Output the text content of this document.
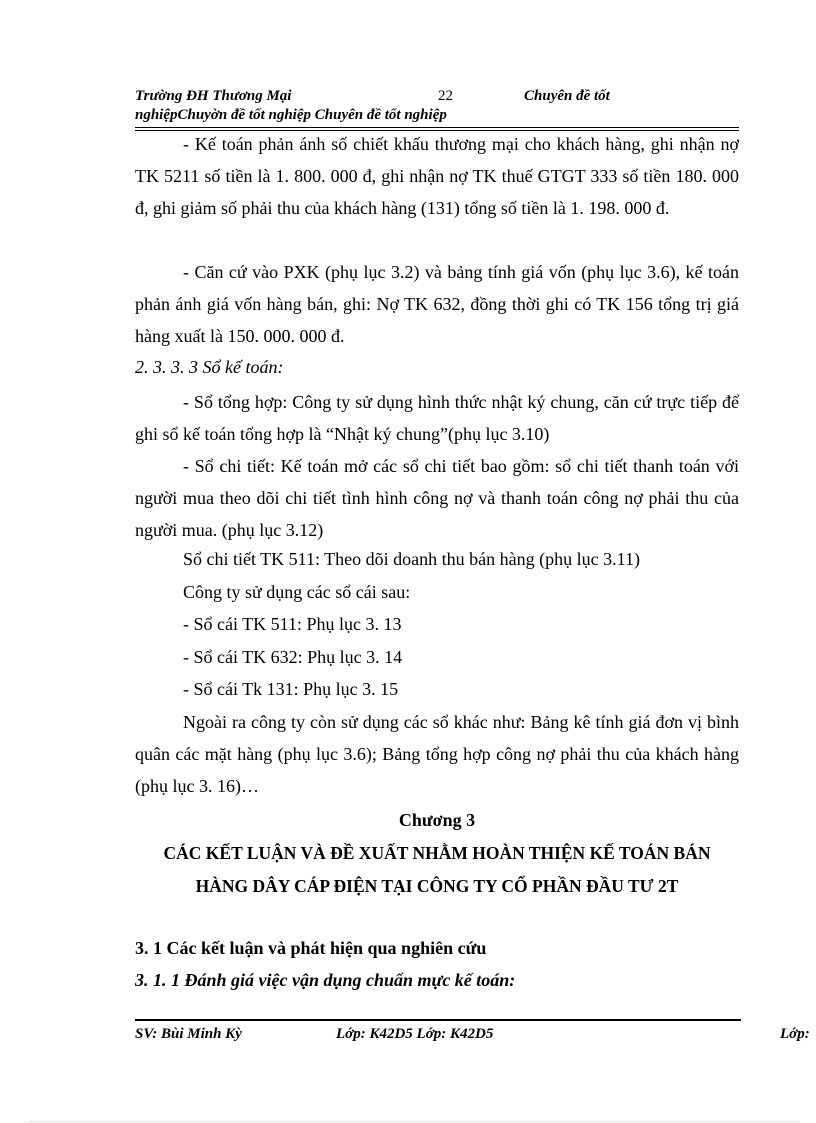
Trường ĐH Thương Mại	22	Chuyên đề tốt
nghiệpChuyờn đề tốt nghiệp Chuyên đề tốt nghiệp
- Kế toán phản ánh số chiết khấu thương mại cho khách hàng, ghi nhận nợ TK 5211 số tiền là 1. 800. 000 đ, ghi nhận nợ TK thuế GTGT 333 số tiền 180. 000 đ, ghi giảm số phải thu của khách hàng (131) tổng số tiền là 1. 198. 000 đ.
- Căn cứ vào PXK (phụ lục 3.2) và bảng tính giá vốn (phụ lục 3.6), kế toán phản ánh giá vốn hàng bán, ghi: Nợ TK 632, đồng thời ghi có TK 156 tổng trị giá hàng xuất là 150. 000. 000 đ.
2. 3. 3. 3 Sổ kế toán:
- Sổ tổng hợp: Công ty sử dụng hình thức nhật ký chung, căn cứ trực tiếp để ghi sổ kế toán tổng hợp là “Nhật ký chung”(phụ lục 3.10)
- Sổ chi tiết: Kế toán mở các sổ chi tiết bao gồm: sổ chi tiết thanh toán với người mua theo dõi chi tiết tình hình công nợ và thanh toán công nợ phải thu của người mua. (phụ lục 3.12)
Sổ chi tiết TK 511: Theo dõi doanh thu bán hàng (phụ lục 3.11)
Công ty sử dụng các sổ cái sau:
- Sổ cái TK 511: Phụ lục 3. 13
- Sổ cái TK 632: Phụ lục 3. 14
- Sổ cái Tk 131: Phụ lục 3. 15
Ngoài ra công ty còn sử dụng các sổ khác như: Bảng kê tính giá đơn vị bình quân các mặt hàng (phụ lục 3.6); Bảng tổng hợp công nợ phải thu của khách hàng (phụ lục 3. 16)…
Chương 3
CÁC KẾT LUẬN VÀ ĐỀ XUẤT NHẰM HOÀN THIỆN KẾ TOÁN BÁN
HÀNG DÂY CÁP ĐIỆN TẠI CÔNG TY CỔ PHẦN ĐẦU TƯ 2T
3. 1 Các kết luận và phát hiện qua nghiên cứu
3. 1. 1 Đánh giá việc vận dụng chuẩn mực kế toán:
SV: Bùi Minh Kỳ	Lớp: K42D5 Lớp: K42D5	Lớp:
